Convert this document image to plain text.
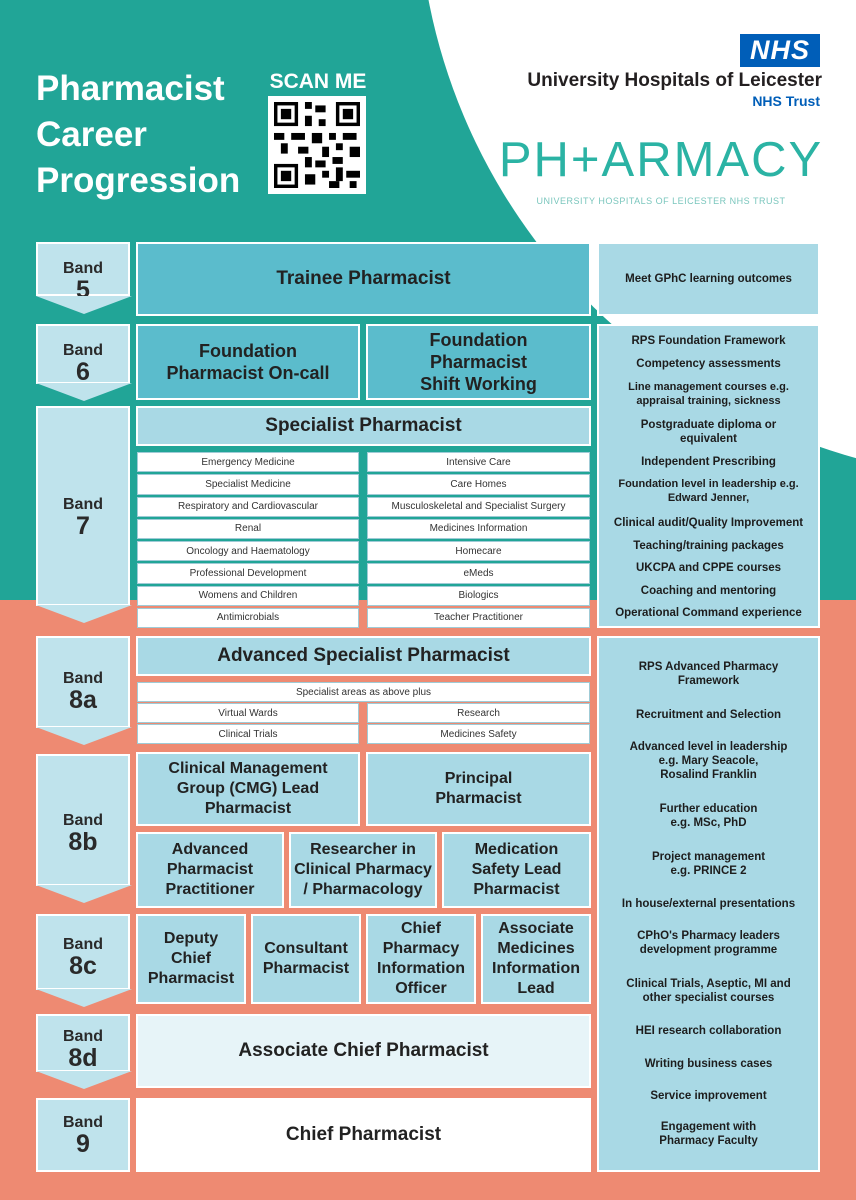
Pharmacist
Career
Progression
SCAN ME
NHS
University Hospitals of Leicester
NHS Trust
PH+ARMACY
UNIVERSITY HOSPITALS OF LEICESTER NHS TRUST
Band
5
Band
6
Band
7
Band
8a
Band
8b
Band
8c
Band
8d
Band
9
Trainee Pharmacist
Foundation Pharmacist On-call
Foundation Pharmacist Shift Working
Specialist Pharmacist
Emergency Medicine
Specialist Medicine
Respiratory and Cardiovascular
Renal
Oncology and Haematology
Professional Development
Womens and Children
Antimicrobials
Intensive Care
Care Homes
Musculoskeletal and Specialist Surgery
Medicines Information
Homecare
eMeds
Biologics
Teacher Practitioner
Advanced Specialist Pharmacist
Specialist areas as above plus
Virtual Wards	Research
Clinical Trials	Medicines Safety
Clinical Management Group (CMG) Lead Pharmacist
Principal Pharmacist
Advanced Pharmacist Practitioner
Researcher in Clinical Pharmacy / Pharmacology
Medication Safety Lead Pharmacist
Deputy Chief Pharmacist
Consultant Pharmacist
Chief Pharmacy Information Officer
Associate Medicines Information Lead
Associate Chief Pharmacist
Chief Pharmacist
Meet GPhC learning outcomes
RPS Foundation Framework
Competency assessments
Line management courses e.g.
appraisal training, sickness
Postgraduate diploma or
equivalent
Independent Prescribing
Foundation level in leadership e.g.
Edward Jenner,
Clinical audit/Quality Improvement
Teaching/training packages
UKCPA and CPPE courses
Coaching and mentoring
Operational Command experience
RPS Advanced Pharmacy
Framework
Recruitment and Selection
Advanced level in leadership
e.g. Mary Seacole,
Rosalind Franklin
Further education
e.g. MSc, PhD
Project management
e.g. PRINCE 2
In house/external presentations
CPhO's Pharmacy leaders
development programme
Clinical Trials, Aseptic, MI and
other specialist courses
HEI research collaboration
Writing business cases
Service improvement
Engagement with
Pharmacy Faculty
